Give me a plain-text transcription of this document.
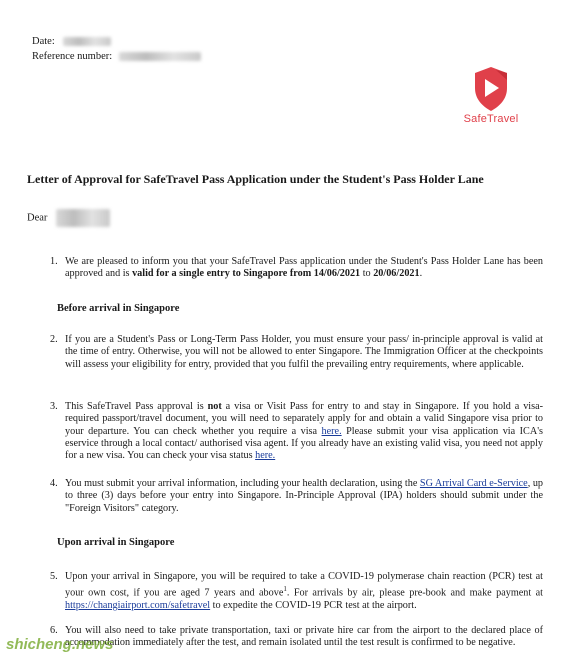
Date:
Reference number:
SafeTravel
Letter of Approval for SafeTravel Pass Application under the Student's Pass Holder Lane
Dear
1. We are pleased to inform you that your SafeTravel Pass application under the Student's Pass Holder Lane has been approved and is valid for a single entry to Singapore from 14/06/2021 to 20/06/2021.
Before arrival in Singapore
2. If you are a Student's Pass or Long-Term Pass Holder, you must ensure your pass/ in-principle approval is valid at the time of entry. Otherwise, you will not be allowed to enter Singapore. The Immigration Officer at the checkpoints will assess your eligibility for entry, provided that you fulfil the prevailing entry requirements, where applicable.
3. This SafeTravel Pass approval is not a visa or Visit Pass for entry to and stay in Singapore. If you hold a visa-required passport/travel document, you will need to separately apply for and obtain a valid Singapore visa prior to your departure. You can check whether you require a visa here. Please submit your visa application via ICA's eservice through a local contact/ authorised visa agent. If you already have an existing valid visa, you need not apply for a new visa. You can check your visa status here.
4. You must submit your arrival information, including your health declaration, using the SG Arrival Card e-Service, up to three (3) days before your entry into Singapore. In-Principle Approval (IPA) holders should submit under the "Foreign Visitors" category.
Upon arrival in Singapore
5. Upon your arrival in Singapore, you will be required to take a COVID-19 polymerase chain reaction (PCR) test at your own cost, if you are aged 7 years and above$^1$. For arrivals by air, please pre-book and make payment at https://changiairport.com/safetravel to expedite the COVID-19 PCR test at the airport.
6. You will also need to take private transportation, taxi or private hire car from the airport to the declared place of accommodation immediately after the test, and remain isolated until the test result is confirmed to be negative.
shicheng.news
